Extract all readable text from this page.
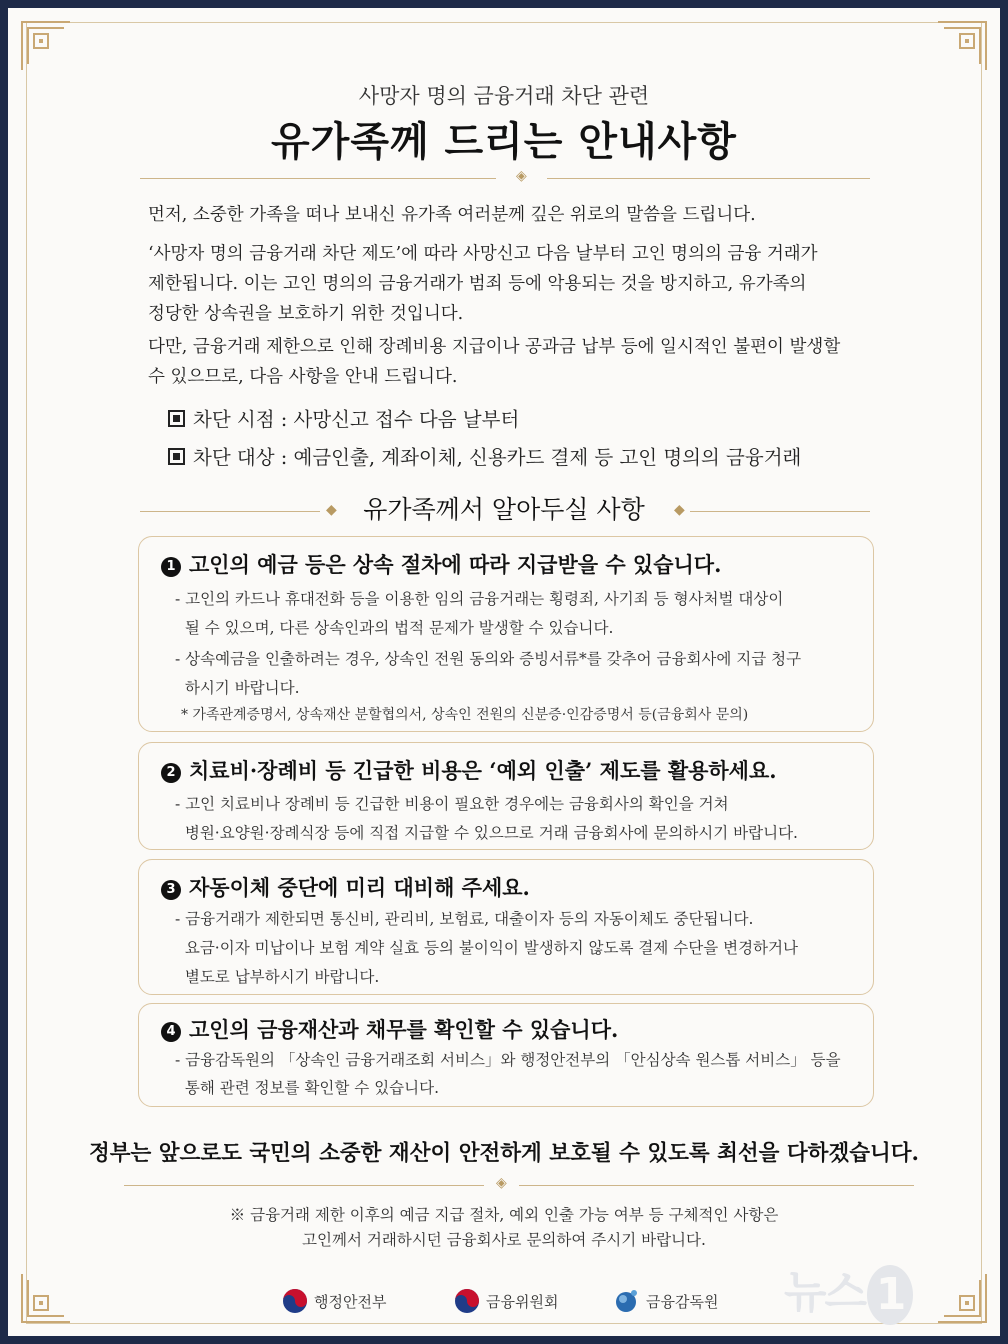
사망자 명의 금융거래 차단 관련
유가족께 드리는 안내사항
◈
먼저, 소중한 가족을 떠나 보내신 유가족 여러분께 깊은 위로의 말씀을 드립니다.
‘사망자 명의 금융거래 차단 제도’에 따라 사망신고 다음 날부터 고인 명의의 금융 거래가
제한됩니다. 이는 고인 명의의 금융거래가 범죄 등에 악용되는 것을 방지하고, 유가족의
정당한 상속권을 보호하기 위한 것입니다.
다만, 금융거래 제한으로 인해 장례비용 지급이나 공과금 납부 등에 일시적인 불편이 발생할
수 있으므로, 다음 사항을 안내 드립니다.
차단 시점 : 사망신고 접수 다음 날부터
차단 대상 : 예금인출, 계좌이체, 신용카드 결제 등 고인 명의의 금융거래
◆	유가족께서 알아두실 사항	◆
1 고인의 예금 등은 상속 절차에 따라 지급받을 수 있습니다.
- 고인의 카드나 휴대전화 등을 이용한 임의 금융거래는 횡령죄, 사기죄 등 형사처벌 대상이
될 수 있으며, 다른 상속인과의 법적 문제가 발생할 수 있습니다.
- 상속예금을 인출하려는 경우, 상속인 전원 동의와 증빙서류*를 갖추어 금융회사에 지급 청구
하시기 바랍니다.
* 가족관계증명서, 상속재산 분할협의서, 상속인 전원의 신분증·인감증명서 등(금융회사 문의)
2 치료비·장례비 등 긴급한 비용은 ‘예외 인출’ 제도를 활용하세요.
- 고인 치료비나 장례비 등 긴급한 비용이 필요한 경우에는 금융회사의 확인을 거쳐
병원·요양원·장례식장 등에 직접 지급할 수 있으므로 거래 금융회사에 문의하시기 바랍니다.
3 자동이체 중단에 미리 대비해 주세요.
- 금융거래가 제한되면 통신비, 관리비, 보험료, 대출이자 등의 자동이체도 중단됩니다.
요금·이자 미납이나 보험 계약 실효 등의 불이익이 발생하지 않도록 결제 수단을 변경하거나
별도로 납부하시기 바랍니다.
4 고인의 금융재산과 채무를 확인할 수 있습니다.
- 금융감독원의 「상속인 금융거래조회 서비스」와 행정안전부의 「안심상속 원스톱 서비스」 등을
통해 관련 정보를 확인할 수 있습니다.
정부는 앞으로도 국민의 소중한 재산이 안전하게 보호될 수 있도록 최선을 다하겠습니다.
◈
※ 금융거래 제한 이후의 예금 지급 절차, 예외 인출 가능 여부 등 구체적인 사항은
고인께서 거래하시던 금융회사로 문의하여 주시기 바랍니다.
행정안전부	금융위원회	금융감독원 뉴스 1
